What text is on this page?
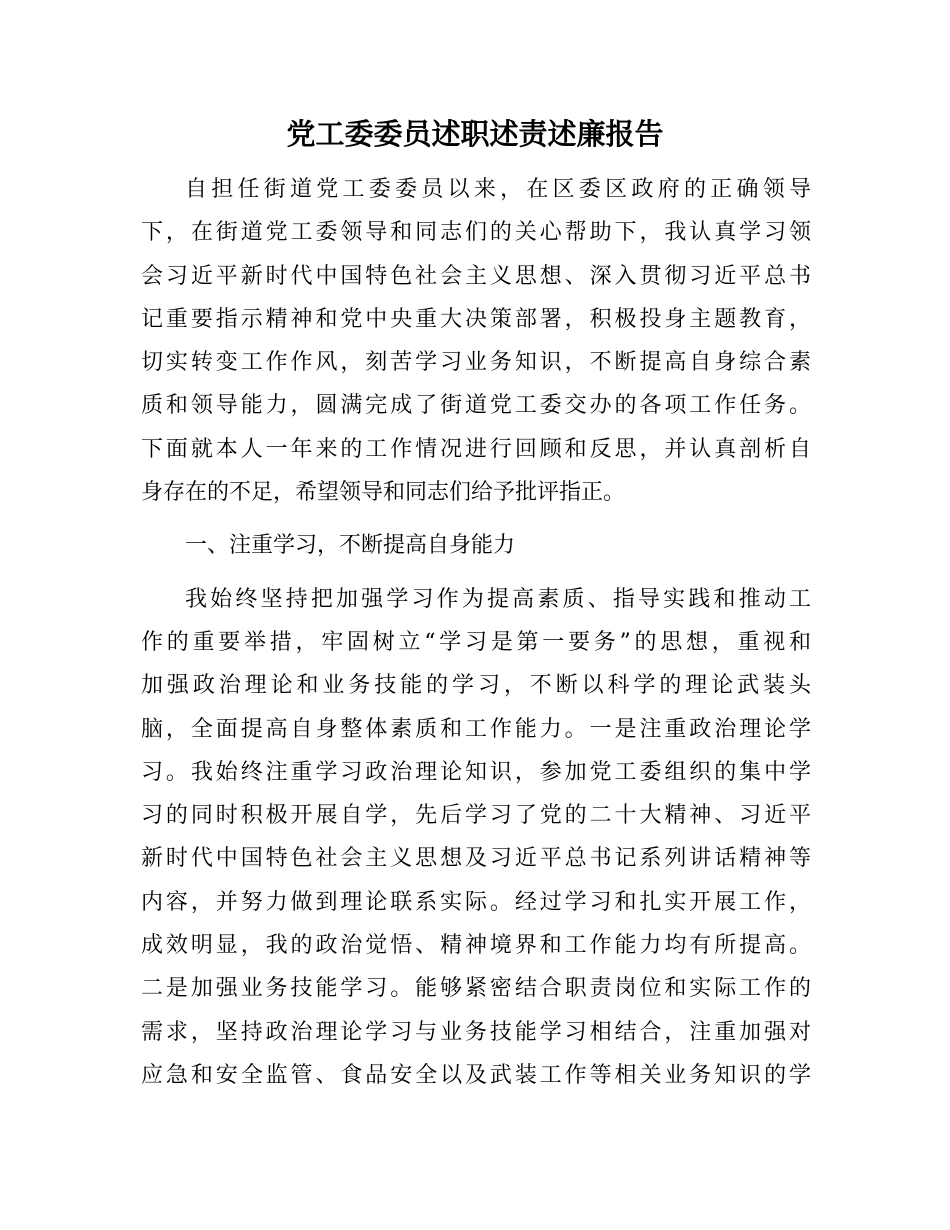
党工委委员述职述责述廉报告
自担任街道党工委委员以来，在区委区政府的正确领导
下，在街道党工委领导和同志们的关心帮助下，我认真学习领
会习近平新时代中国特色社会主义思想、深入贯彻习近平总书
记重要指示精神和党中央重大决策部署，积极投身主题教育，
切实转变工作作风，刻苦学习业务知识，不断提高自身综合素
质和领导能力，圆满完成了街道党工委交办的各项工作任务。
下面就本人一年来的工作情况进行回顾和反思，并认真剖析自
身存在的不足，希望领导和同志们给予批评指正。
一、注重学习，不断提高自身能力
我始终坚持把加强学习作为提高素质、指导实践和推动工
作的重要举措，牢固树立“学习是第一要务”的思想，重视和
加强政治理论和业务技能的学习，不断以科学的理论武装头
脑，全面提高自身整体素质和工作能力。一是注重政治理论学
习。我始终注重学习政治理论知识，参加党工委组织的集中学
习的同时积极开展自学，先后学习了党的二十大精神、习近平
新时代中国特色社会主义思想及习近平总书记系列讲话精神等
内容，并努力做到理论联系实际。经过学习和扎实开展工作，
成效明显，我的政治觉悟、精神境界和工作能力均有所提高。
二是加强业务技能学习。能够紧密结合职责岗位和实际工作的
需求，坚持政治理论学习与业务技能学习相结合，注重加强对
应急和安全监管、食品安全以及武装工作等相关业务知识的学
